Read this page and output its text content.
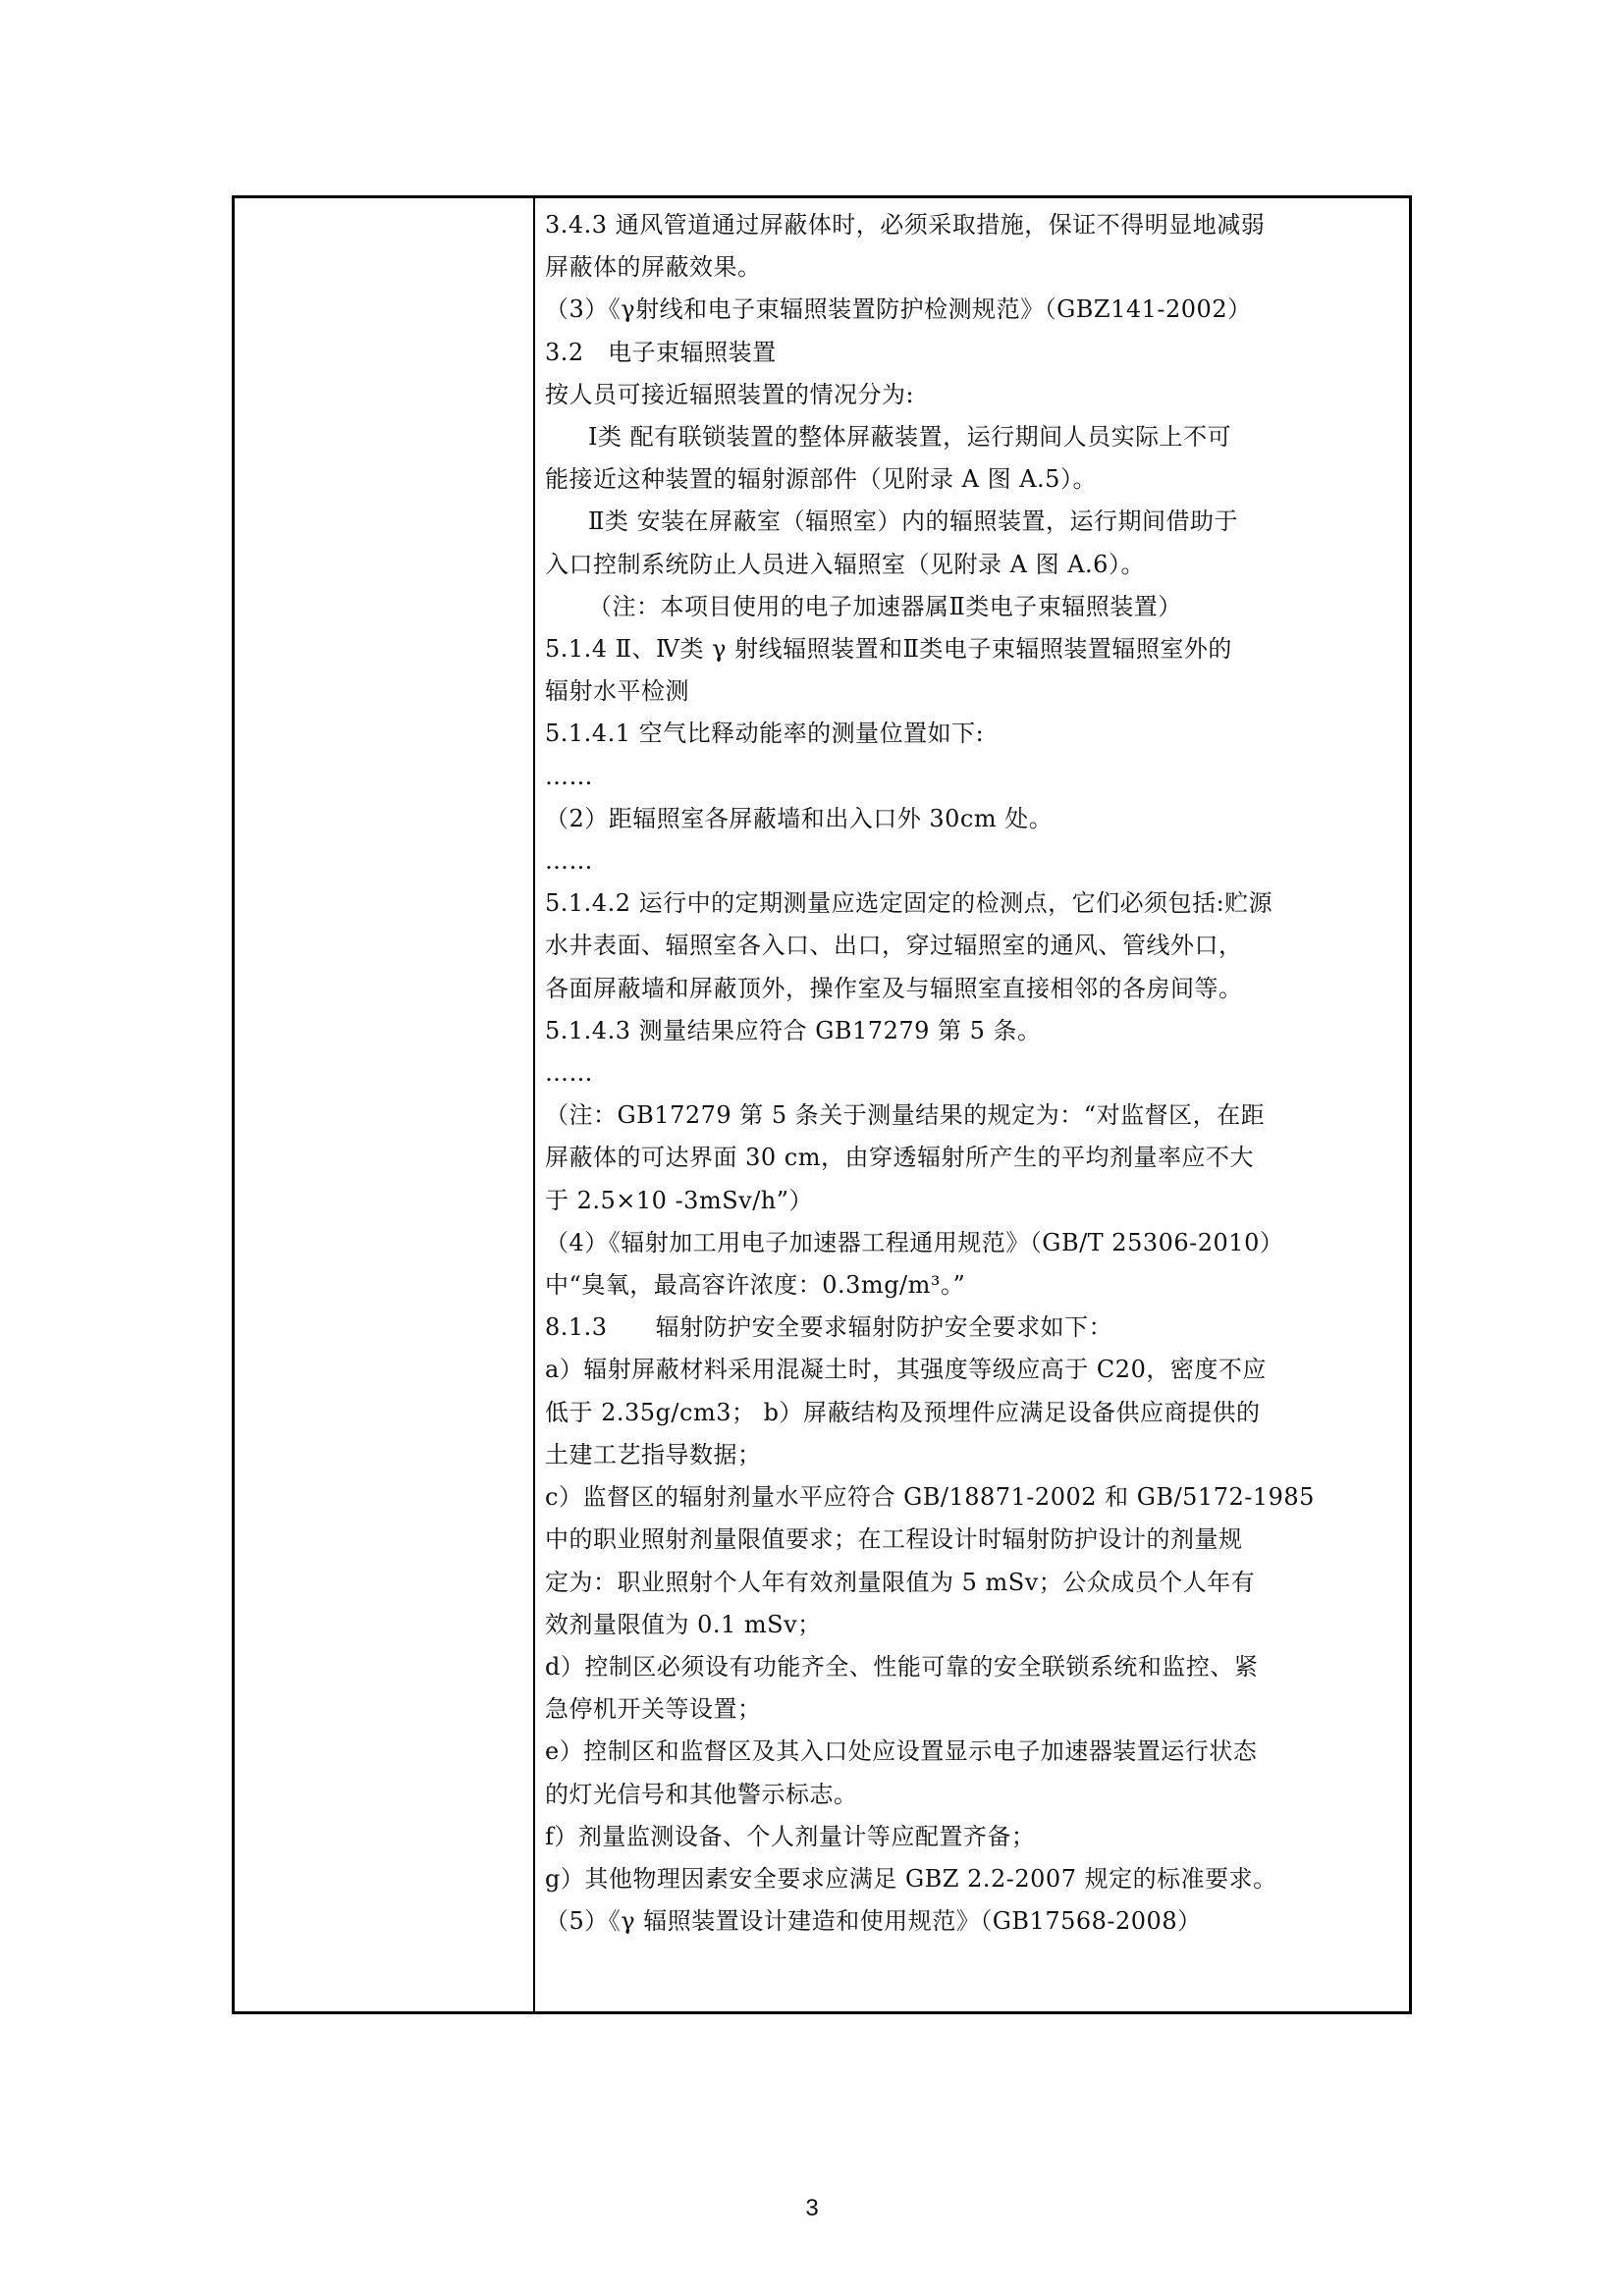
3.4.3 通风管道通过屏蔽体时，必须采取措施，保证不得明显地减弱
屏蔽体的屏蔽效果。
（3）《γ射线和电子束辐照装置防护检测规范》（GBZ141-2002）
3.2　电子束辐照装置
按人员可接近辐照装置的情况分为:
Ⅰ类 配有联锁装置的整体屏蔽装置，运行期间人员实际上不可
能接近这种装置的辐射源部件（见附录 A 图 A.5）。
Ⅱ类 安装在屏蔽室（辐照室）内的辐照装置，运行期间借助于
入口控制系统防止人员进入辐照室（见附录 A 图 A.6）。
（注：本项目使用的电子加速器属Ⅱ类电子束辐照装置）
5.1.4 Ⅱ、Ⅳ类 γ 射线辐照装置和Ⅱ类电子束辐照装置辐照室外的
辐射水平检测
5.1.4.1 空气比释动能率的测量位置如下:
……
（2）距辐照室各屏蔽墙和出入口外 30cm 处。
……
5.1.4.2 运行中的定期测量应选定固定的检测点，它们必须包括:贮源
水井表面、辐照室各入口、出口，穿过辐照室的通风、管线外口，
各面屏蔽墙和屏蔽顶外，操作室及与辐照室直接相邻的各房间等。
5.1.4.3 测量结果应符合 GB17279 第 5 条。
……
（注：GB17279 第 5 条关于测量结果的规定为：“对监督区，在距
屏蔽体的可达界面 30 cm，由穿透辐射所产生的平均剂量率应不大
于 2.5×10 -3mSv/h”）
（4）《辐射加工用电子加速器工程通用规范》（GB/T 25306-2010）
中“臭氧，最高容许浓度：0.3mg/m³。”
8.1.3　　辐射防护安全要求辐射防护安全要求如下：
a）辐射屏蔽材料采用混凝土时，其强度等级应高于 C20，密度不应
低于 2.35g/cm3； b）屏蔽结构及预埋件应满足设备供应商提供的
土建工艺指导数据；
c）监督区的辐射剂量水平应符合 GB/18871-2002 和 GB/5172-1985
中的职业照射剂量限值要求；在工程设计时辐射防护设计的剂量规
定为：职业照射个人年有效剂量限值为 5 mSv；公众成员个人年有
效剂量限值为 0.1 mSv；
d）控制区必须设有功能齐全、性能可靠的安全联锁系统和监控、紧
急停机开关等设置；
e）控制区和监督区及其入口处应设置显示电子加速器装置运行状态
的灯光信号和其他警示标志。
f）剂量监测设备、个人剂量计等应配置齐备；
g）其他物理因素安全要求应满足 GBZ 2.2-2007 规定的标准要求。
（5）《γ 辐照装置设计建造和使用规范》（GB17568-2008）
3
